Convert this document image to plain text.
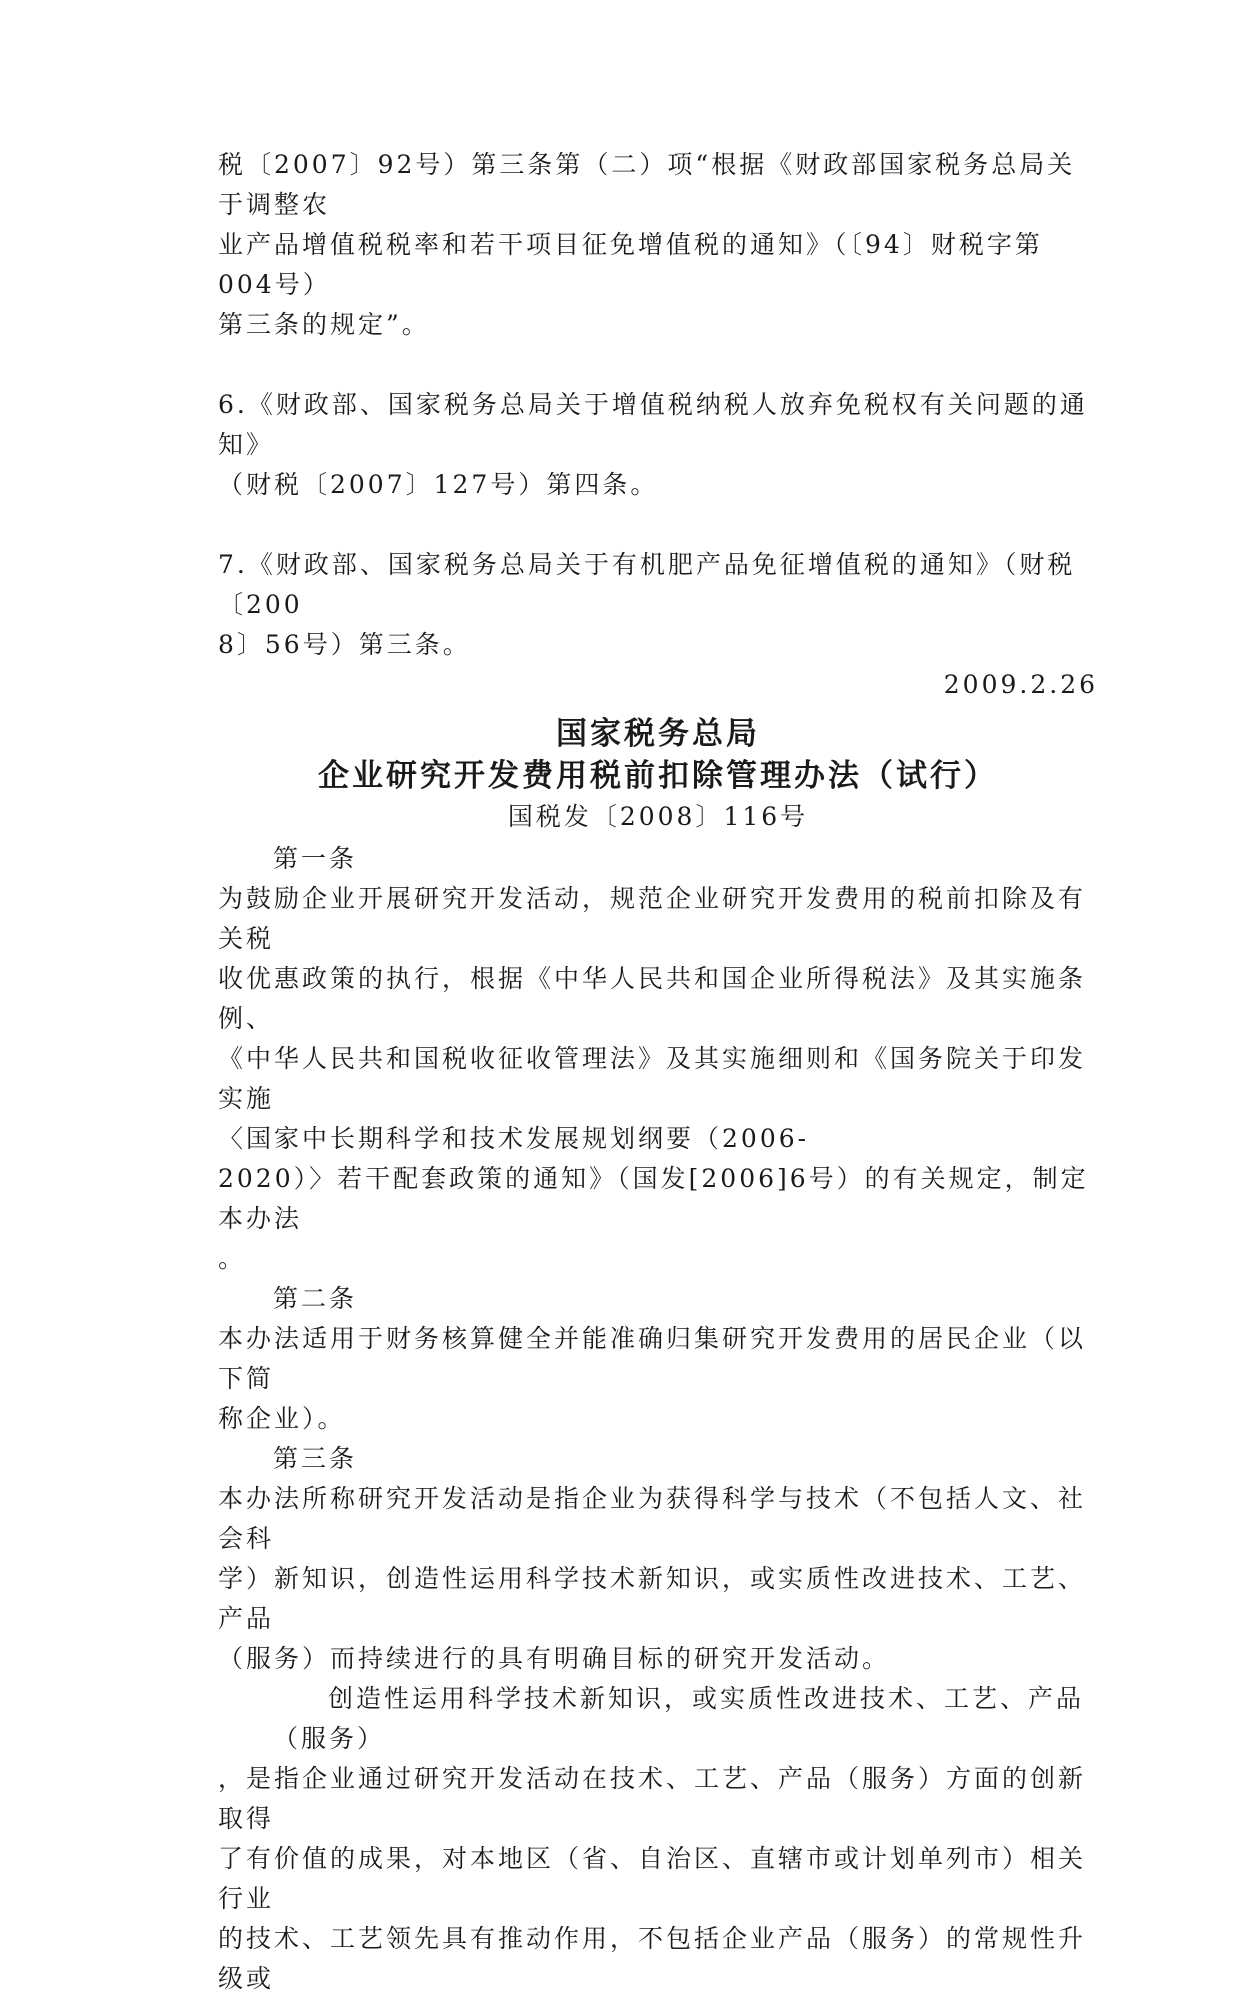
税〔2007〕92号）第三条第（二）项“根据《财政部国家税务总局关于调整农
业产品增值税税率和若干项目征免增值税的通知》（〔94〕财税字第004号）
第三条的规定”。

6.《财政部、国家税务总局关于增值税纳税人放弃免税权有关问题的通知》
（财税〔2007〕127号）第四条。

7.《财政部、国家税务总局关于有机肥产品免征增值税的通知》（财税〔200
8〕56号）第三条。

2009.2.26

国家税务总局

企业研究开发费用税前扣除管理办法（试行）

国税发〔2008〕116号

第一条

为鼓励企业开展研究开发活动，规范企业研究开发费用的税前扣除及有关税
收优惠政策的执行，根据《中华人民共和国企业所得税法》及其实施条例、
《中华人民共和国税收征收管理法》及其实施细则和《国务院关于印发实施
〈国家中长期科学和技术发展规划纲要（2006-
2020）〉若干配套政策的通知》（国发[2006]6号）的有关规定，制定本办法
。

第二条

本办法适用于财务核算健全并能准确归集研究开发费用的居民企业（以下简
称企业）。

第三条

本办法所称研究开发活动是指企业为获得科学与技术（不包括人文、社会科
学）新知识，创造性运用科学技术新知识，或实质性改进技术、工艺、产品
（服务）而持续进行的具有明确目标的研究开发活动。

创造性运用科学技术新知识，或实质性改进技术、工艺、产品（服务）
，是指企业通过研究开发活动在技术、工艺、产品（服务）方面的创新取得
了有价值的成果，对本地区（省、自治区、直辖市或计划单列市）相关行业
的技术、工艺领先具有推动作用，不包括企业产品（服务）的常规性升级或
